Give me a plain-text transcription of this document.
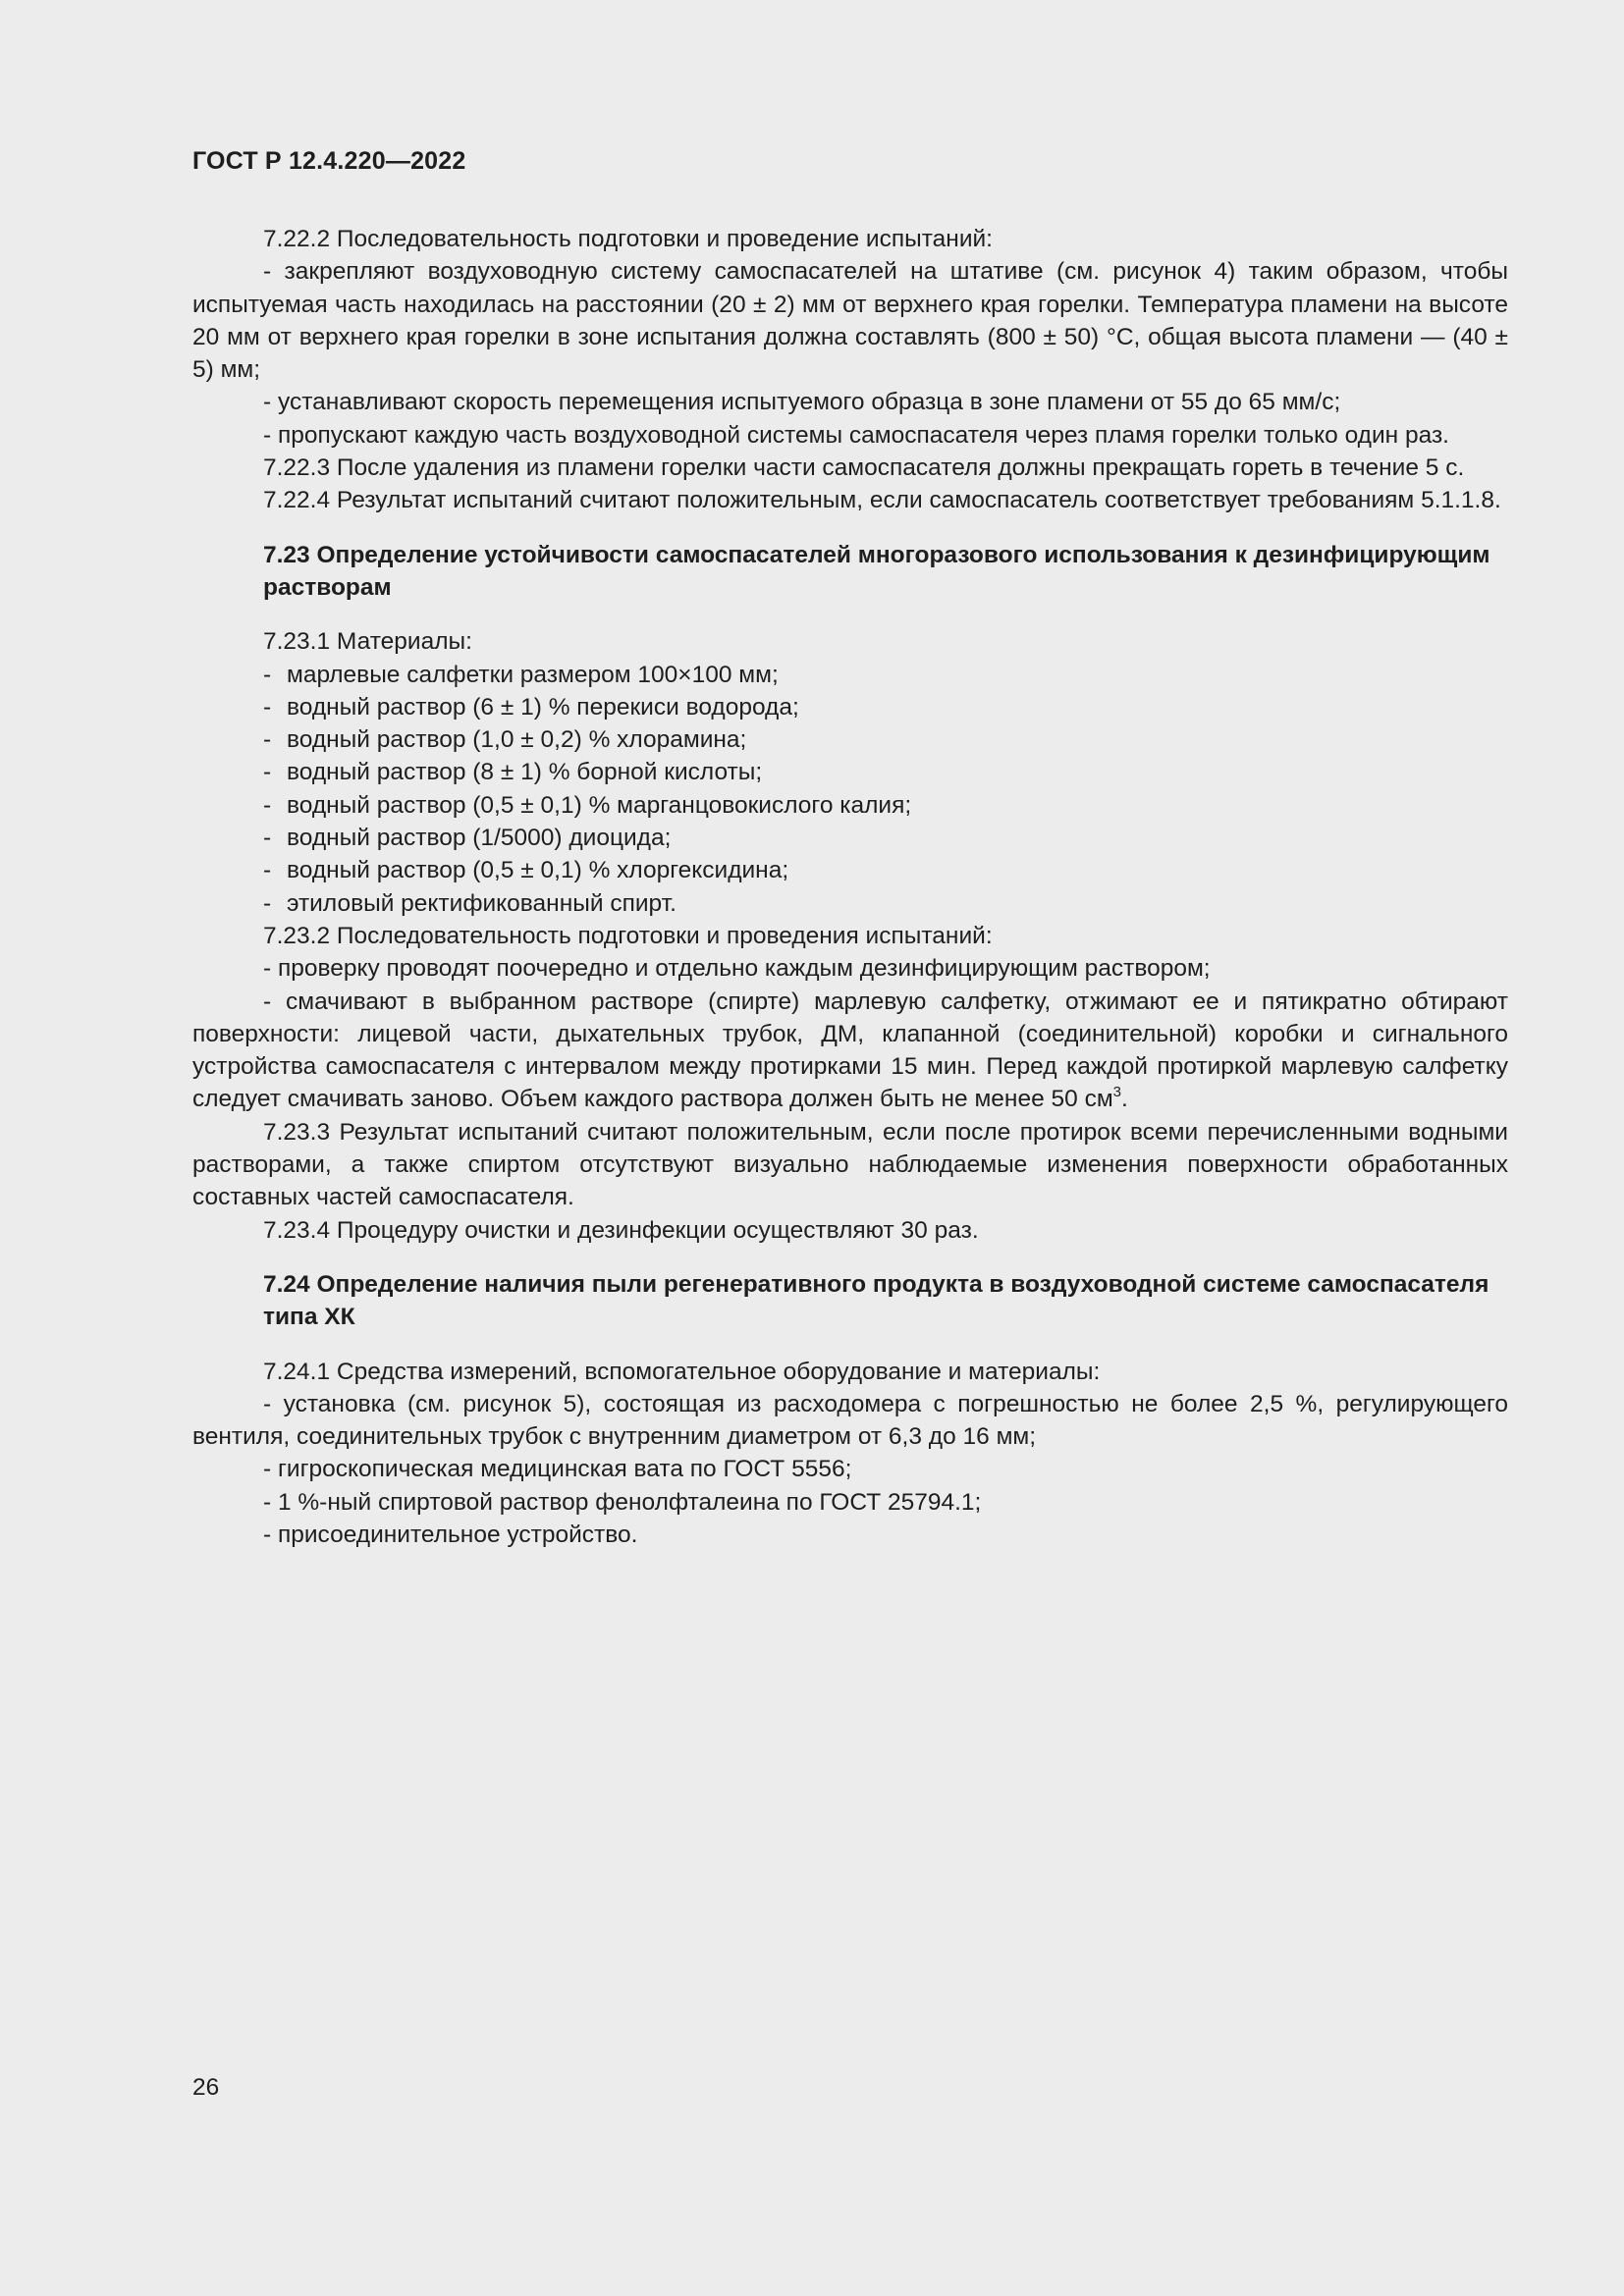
ГОСТ Р 12.4.220—2022

7.22.2 Последовательность подготовки и проведение испытаний:

- закрепляют воздуховодную систему самоспасателей на штативе (см. рисунок 4) таким образом, чтобы испытуемая часть находилась на расстоянии (20 ± 2) мм от верхнего края горелки. Температура пламени на высоте 20 мм от верхнего края горелки в зоне испытания должна составлять (800 ± 50) °С, общая высота пламени — (40 ± 5) мм;

- устанавливают скорость перемещения испытуемого образца в зоне пламени от 55 до 65 мм/с;

- пропускают каждую часть воздуховодной системы самоспасателя через пламя горелки только один раз.

7.22.3 После удаления из пламени горелки части самоспасателя должны прекращать гореть в течение 5 с.

7.22.4 Результат испытаний считают положительным, если самоспасатель соответствует требованиям 5.1.1.8.

7.23 Определение устойчивости самоспасателей многоразового использования к дезинфицирующим растворам

7.23.1 Материалы:

- марлевые салфетки размером 100×100 мм;

- водный раствор (6 ± 1) % перекиси водорода;

- водный раствор (1,0 ± 0,2) % хлорамина;

- водный раствор (8 ± 1) % борной кислоты;

- водный раствор (0,5 ± 0,1) % марганцовокислого калия;

- водный раствор (1/5000) диоцида;

- водный раствор (0,5 ± 0,1) % хлоргексидина;

- этиловый ректификованный спирт.

7.23.2 Последовательность подготовки и проведения испытаний:

- проверку проводят поочередно и отдельно каждым дезинфицирующим раствором;

- смачивают в выбранном растворе (спирте) марлевую салфетку, отжимают ее и пятикратно обтирают поверхности: лицевой части, дыхательных трубок, ДМ, клапанной (соединительной) коробки и сигнального устройства самоспасателя с интервалом между протирками 15 мин. Перед каждой протиркой марлевую салфетку следует смачивать заново. Объем каждого раствора должен быть не менее 50 $см^3$.

7.23.3 Результат испытаний считают положительным, если после протирок всеми перечисленными водными растворами, а также спиртом отсутствуют визуально наблюдаемые изменения поверхности обработанных составных частей самоспасателя.

7.23.4 Процедуру очистки и дезинфекции осуществляют 30 раз.

7.24 Определение наличия пыли регенеративного продукта в воздуховодной системе самоспасателя типа ХК

7.24.1 Средства измерений, вспомогательное оборудование и материалы:

- установка (см. рисунок 5), состоящая из расходомера с погрешностью не более 2,5 %, регулирующего вентиля, соединительных трубок с внутренним диаметром от 6,3 до 16 мм;

- гигроскопическая медицинская вата по ГОСТ 5556;

- 1 %-ный спиртовой раствор фенолфталеина по ГОСТ 25794.1;

- присоединительное устройство.

26
